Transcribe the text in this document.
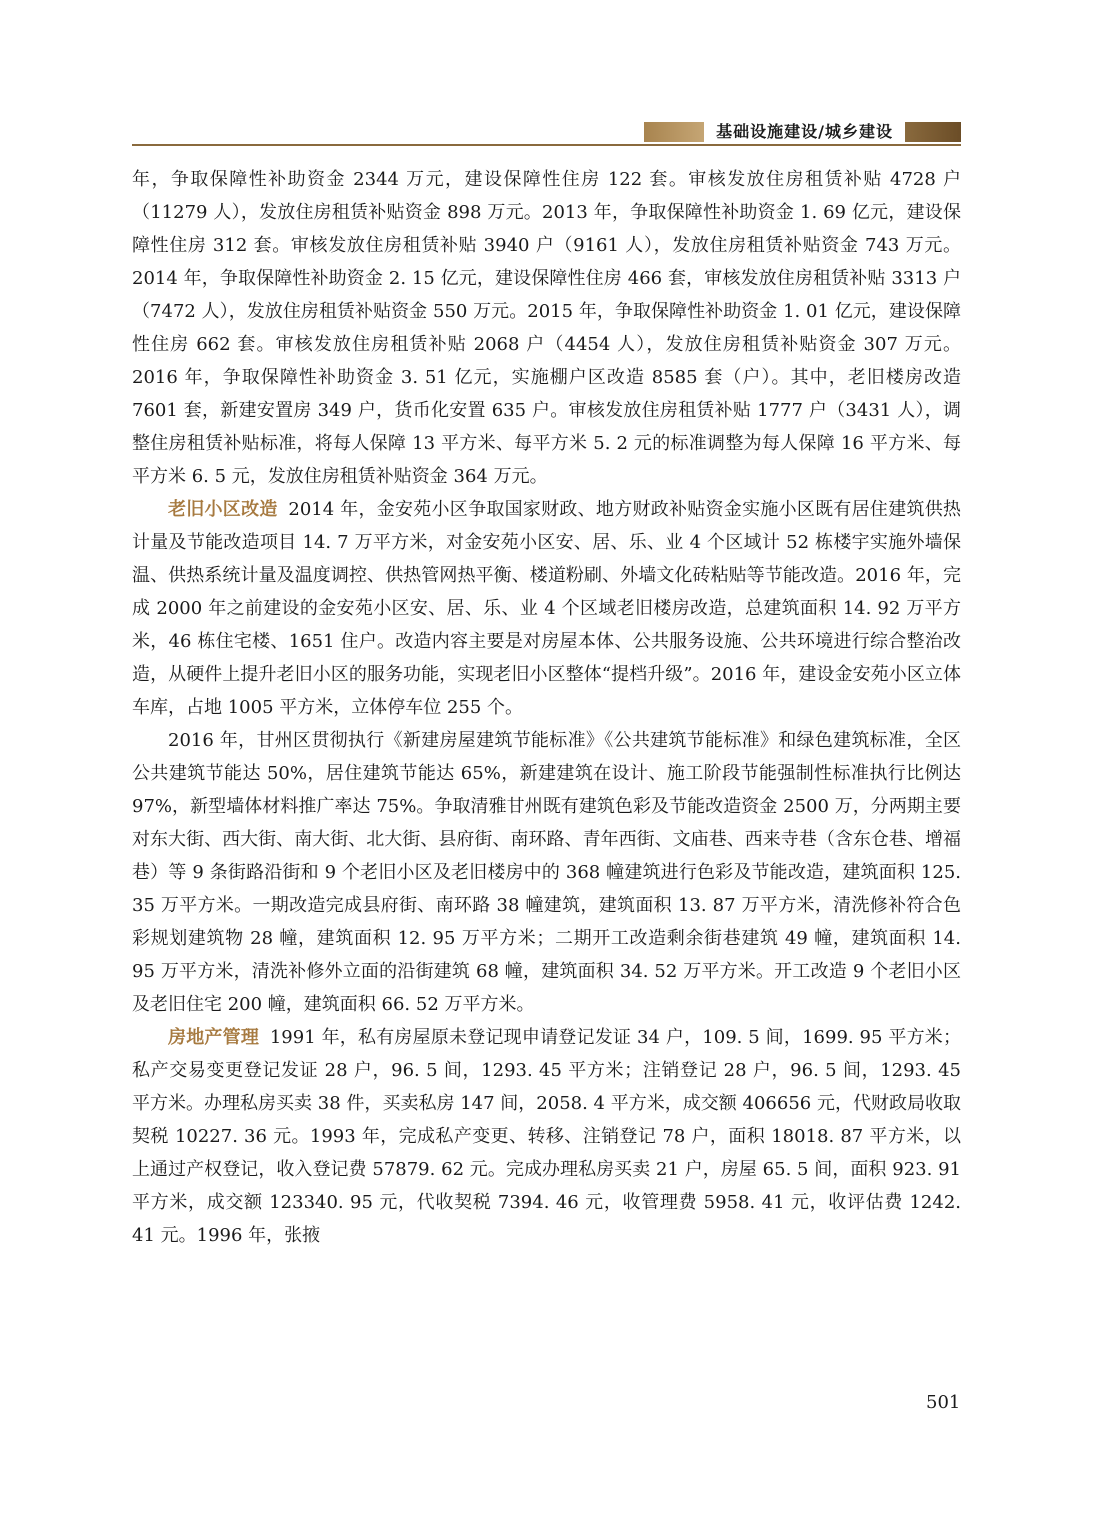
基础设施建设/城乡建设

年，争取保障性补助资金 2344 万元，建设保障性住房 122 套。审核发放住房租赁补贴 4728 户（11279 人），发放住房租赁补贴资金 898 万元。2013 年，争取保障性补助资金 1. 69 亿元，建设保障性住房 312 套。审核发放住房租赁补贴 3940 户（9161 人），发放住房租赁补贴资金 743 万元。2014 年，争取保障性补助资金 2. 15 亿元，建设保障性住房 466 套，审核发放住房租赁补贴 3313 户（7472 人），发放住房租赁补贴资金 550 万元。2015 年，争取保障性补助资金 1. 01 亿元，建设保障性住房 662 套。审核发放住房租赁补贴 2068 户（4454 人），发放住房租赁补贴资金 307 万元。2016 年，争取保障性补助资金 3. 51 亿元，实施棚户区改造 8585 套（户）。其中，老旧楼房改造 7601 套，新建安置房 349 户，货币化安置 635 户。审核发放住房租赁补贴 1777 户（3431 人），调整住房租赁补贴标准，将每人保障 13 平方米、每平方米 5. 2 元的标准调整为每人保障 16 平方米、每平方米 6. 5 元，发放住房租赁补贴资金 364 万元。

老旧小区改造 2014 年，金安苑小区争取国家财政、地方财政补贴资金实施小区既有居住建筑供热计量及节能改造项目 14. 7 万平方米，对金安苑小区安、居、乐、业 4 个区域计 52 栋楼宇实施外墙保温、供热系统计量及温度调控、供热管网热平衡、楼道粉刷、外墙文化砖粘贴等节能改造。2016 年，完成 2000 年之前建设的金安苑小区安、居、乐、业 4 个区域老旧楼房改造，总建筑面积 14. 92 万平方米，46 栋住宅楼、1651 住户。改造内容主要是对房屋本体、公共服务设施、公共环境进行综合整治改造，从硬件上提升老旧小区的服务功能，实现老旧小区整体“提档升级”。2016 年，建设金安苑小区立体车库，占地 1005 平方米，立体停车位 255 个。

2016 年，甘州区贯彻执行《新建房屋建筑节能标准》《公共建筑节能标准》和绿色建筑标准，全区公共建筑节能达 50%，居住建筑节能达 65%，新建建筑在设计、施工阶段节能强制性标准执行比例达 97%，新型墙体材料推广率达 75%。争取清雅甘州既有建筑色彩及节能改造资金 2500 万，分两期主要对东大街、西大街、南大街、北大街、县府街、南环路、青年西街、文庙巷、西来寺巷（含东仓巷、增福巷）等 9 条街路沿街和 9 个老旧小区及老旧楼房中的 368 幢建筑进行色彩及节能改造，建筑面积 125. 35 万平方米。一期改造完成县府街、南环路 38 幢建筑，建筑面积 13. 87 万平方米，清洗修补符合色彩规划建筑物 28 幢，建筑面积 12. 95 万平方米；二期开工改造剩余街巷建筑 49 幢，建筑面积 14. 95 万平方米，清洗补修外立面的沿街建筑 68 幢，建筑面积 34. 52 万平方米。开工改造 9 个老旧小区及老旧住宅 200 幢，建筑面积 66. 52 万平方米。

房地产管理 1991 年，私有房屋原未登记现申请登记发证 34 户，109. 5 间，1699. 95 平方米；私产交易变更登记发证 28 户，96. 5 间，1293. 45 平方米；注销登记 28 户，96. 5 间，1293. 45 平方米。办理私房买卖 38 件，买卖私房 147 间，2058. 4 平方米，成交额 406656 元，代财政局收取契税 10227. 36 元。1993 年，完成私产变更、转移、注销登记 78 户，面积 18018. 87 平方米，以上通过产权登记，收入登记费 57879. 62 元。完成办理私房买卖 21 户，房屋 65. 5 间，面积 923. 91 平方米，成交额 123340. 95 元，代收契税 7394. 46 元，收管理费 5958. 41 元，收评估费 1242. 41 元。1996 年，张掖

501
